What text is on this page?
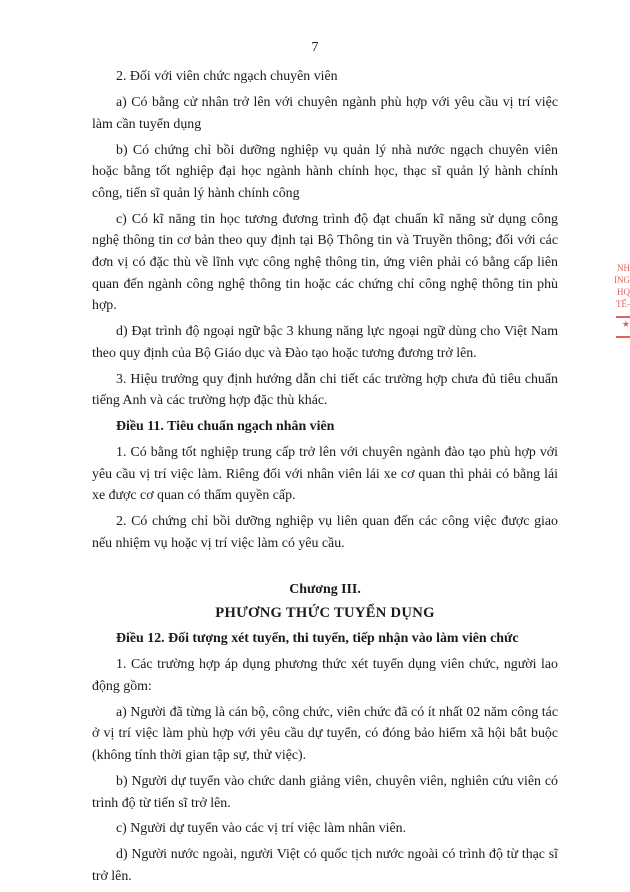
7

2. Đối với viên chức ngạch chuyên viên

a) Có bằng cử nhân trở lên với chuyên ngành phù hợp với yêu cầu vị trí việc làm cần tuyển dụng

b) Có chứng chỉ bồi dưỡng nghiệp vụ quản lý nhà nước ngạch chuyên viên hoặc bằng tốt nghiệp đại học ngành hành chính học, thạc sĩ quản lý hành chính công, tiến sĩ quản lý hành chính công

c) Có kĩ năng tin học tương đương trình độ đạt chuẩn kĩ năng sử dụng công nghệ thông tin cơ bản theo quy định tại Bộ Thông tin và Truyền thông; đối với các đơn vị có đặc thù về lĩnh vực công nghệ thông tin, ứng viên phải có bằng cấp liên quan đến ngành công nghệ thông tin hoặc các chứng chỉ công nghệ thông tin phù hợp.

d) Đạt trình độ ngoại ngữ bậc 3 khung năng lực ngoại ngữ dùng cho Việt Nam theo quy định của Bộ Giáo dục và Đào tạo hoặc tương đương trở lên.

3. Hiệu trưởng quy định hướng dẫn chi tiết các trường hợp chưa đủ tiêu chuẩn tiếng Anh và các trường hợp đặc thù khác.

Điều 11. Tiêu chuẩn ngạch nhân viên

1. Có bằng tốt nghiệp trung cấp trở lên với chuyên ngành đào tạo phù hợp với yêu cầu vị trí việc làm. Riêng đối với nhân viên lái xe cơ quan thì phải có bằng lái xe được cơ quan có thẩm quyền cấp.

2. Có chứng chỉ bồi dưỡng nghiệp vụ liên quan đến các công việc được giao nếu nhiệm vụ hoặc vị trí việc làm có yêu cầu.

Chương III.

PHƯƠNG THỨC TUYỂN DỤNG

Điều 12. Đối tượng xét tuyển, thi tuyển, tiếp nhận vào làm viên chức

1. Các trường hợp áp dụng phương thức xét tuyển dụng viên chức, người lao động gồm:

a) Người đã từng là cán bộ, công chức, viên chức đã có ít nhất 02 năm công tác ở vị trí việc làm phù hợp với yêu cầu dự tuyển, có đóng bảo hiểm xã hội bắt buộc (không tính thời gian tập sự, thử việc).

b) Người dự tuyển vào chức danh giảng viên, chuyên viên, nghiên cứu viên có trình độ từ tiến sĩ trở lên.

c) Người dự tuyển vào các vị trí việc làm nhân viên.

d) Người nước ngoài, người Việt có quốc tịch nước ngoài có trình độ từ thạc sĩ trở lên.

NH
ING
HQ
TẾ-
★
